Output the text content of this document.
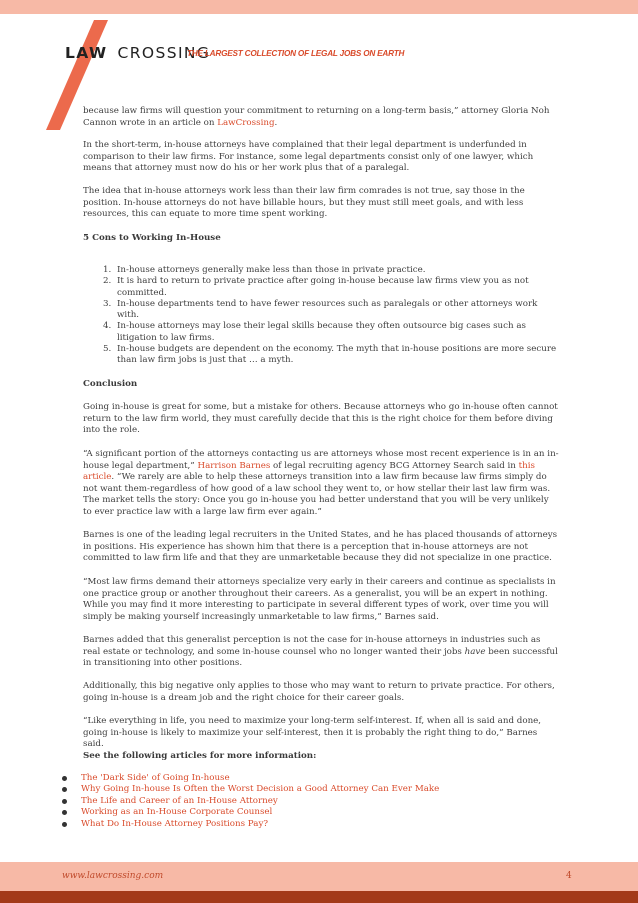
LAW CROSSING
THE LARGEST COLLECTION OF LEGAL JOBS ON EARTH

because law firms will question your commitment to returning on a long-term basis,” attorney Gloria Noh Cannon wrote in an article on LawCrossing.

In the short-term, in-house attorneys have complained that their legal department is underfunded in comparison to their law firms. For instance, some legal departments consist only of one lawyer, which means that attorney must now do his or her work plus that of a paralegal.

The idea that in-house attorneys work less than their law firm comrades is not true, say those in the position. In-house attorneys do not have billable hours, but they must still meet goals, and with less resources, this can equate to more time spent working.

5 Cons to Working In-House

Conclusion

Going in-house is great for some, but a mistake for others. Because attorneys who go in-house often cannot return to the law firm world, they must carefully decide that this is the right choice for them before diving into the role.

“A significant portion of the attorneys contacting us are attorneys whose most recent experience is in an in-house legal department,” Harrison Barnes of legal recruiting agency BCG Attorney Search said in this article. “We rarely are able to help these attorneys transition into a law firm because law firms simply do not want them-regardless of how good of a law school they went to, or how stellar their last law firm was. The market tells the story: Once you go in-house you had better understand that you will be very unlikely to ever practice law with a large law firm ever again.”

Barnes is one of the leading legal recruiters in the United States, and he has placed thousands of attorneys in positions. His experience has shown him that there is a perception that in-house attorneys are not committed to law firm life and that they are unmarketable because they did not specialize in one practice.

“Most law firms demand their attorneys specialize very early in their careers and continue as specialists in one practice group or another throughout their careers. As a generalist, you will be an expert in nothing. While you may find it more interesting to participate in several different types of work, over time you will simply be making yourself increasingly unmarketable to law firms,” Barnes said.

Barnes added that this generalist perception is not the case for in-house attorneys in industries such as real estate or technology, and some in-house counsel who no longer wanted their jobs have been successful in transitioning into other positions.

Additionally, this big negative only applies to those who may want to return to private practice. For others, going in-house is a dream job and the right choice for their career goals.

“Like everything in life, you need to maximize your long-term self-interest. If, when all is said and done, going in-house is likely to maximize your self-interest, then it is probably the right thing to do,” Barnes said.

See the following articles for more information:

1. In-house attorneys generally make less than those in private practice.
2. It is hard to return to private practice after going in-house because law firms view you as not committed.
3. In-house departments tend to have fewer resources such as paralegals or other attorneys work with.
4. In-house attorneys may lose their legal skills because they often outsource big cases such as litigation to law firms.
5. In-house budgets are dependent on the economy. The myth that in-house positions are more secure than law firm jobs is just that … a myth.
The 'Dark Side' of Going In-house
Why Going In-house Is Often the Worst Decision a Good Attorney Can Ever Make
The Life and Career of an In-House Attorney
Working as an In-House Corporate Counsel
What Do In-House Attorney Positions Pay?
www.lawcrossing.com	4
